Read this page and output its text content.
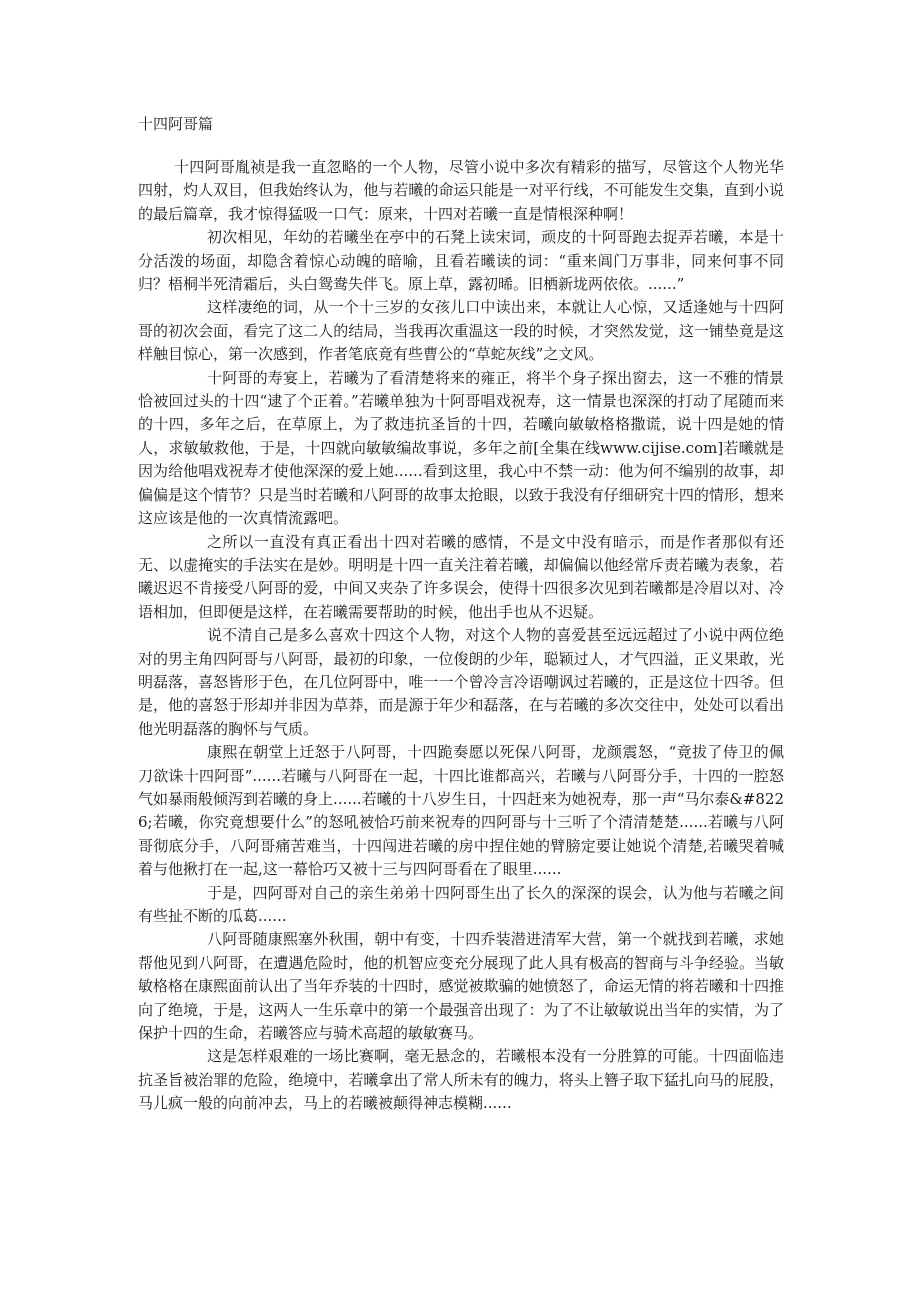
十四阿哥篇

十四阿哥胤祯是我一直忽略的一个人物，尽管小说中多次有精彩的描写，尽管这个人物光华四射，灼人双目，但我始终认为，他与若曦的命运只能是一对平行线，不可能发生交集，直到小说的最后篇章，我才惊得猛吸一口气：原来，十四对若曦一直是情根深种啊！

初次相见，年幼的若曦坐在亭中的石凳上读宋词，顽皮的十阿哥跑去捉弄若曦，本是十分活泼的场面，却隐含着惊心动魄的暗喻，且看若曦读的词：“重来阊门万事非，同来何事不同归？梧桐半死清霜后，头白鸳鸯失伴飞。原上草，露初晞。旧栖新垅两依依。......”

这样凄绝的词，从一个十三岁的女孩儿口中读出来，本就让人心惊，又适逢她与十四阿哥的初次会面，看完了这二人的结局，当我再次重温这一段的时候，才突然发觉，这一铺垫竟是这样触目惊心，第一次感到，作者笔底竟有些曹公的“草蛇灰线”之文风。

十阿哥的寿宴上，若曦为了看清楚将来的雍正，将半个身子探出窗去，这一不雅的情景恰被回过头的十四“逮了个正着。”若曦单独为十阿哥唱戏祝寿，这一情景也深深的打动了尾随而来的十四，多年之后，在草原上，为了救违抗圣旨的十四，若曦向敏敏格格撒谎，说十四是她的情人，求敏敏救他，于是，十四就向敏敏编故事说，多年之前[全集在线www.cijise.com]若曦就是因为给他唱戏祝寿才使他深深的爱上她......看到这里，我心中不禁一动：他为何不编别的故事，却偏偏是这个情节？只是当时若曦和八阿哥的故事太抢眼，以致于我没有仔细研究十四的情形，想来这应该是他的一次真情流露吧。

之所以一直没有真正看出十四对若曦的感情，不是文中没有暗示，而是作者那似有还无、以虚掩实的手法实在是妙。明明是十四一直关注着若曦，却偏偏以他经常斥责若曦为表象，若曦迟迟不肯接受八阿哥的爱，中间又夹杂了许多误会，使得十四很多次见到若曦都是冷眉以对、冷语相加，但即便是这样，在若曦需要帮助的时候，他出手也从不迟疑。

说不清自己是多么喜欢十四这个人物，对这个人物的喜爱甚至远远超过了小说中两位绝对的男主角四阿哥与八阿哥，最初的印象，一位俊朗的少年，聪颖过人，才气四溢，正义果敢，光明磊落，喜怒皆形于色，在几位阿哥中，唯一一个曾冷言冷语嘲讽过若曦的，正是这位十四爷。但是，他的喜怒于形却并非因为草莽，而是源于年少和磊落，在与若曦的多次交往中，处处可以看出他光明磊落的胸怀与气质。

康熙在朝堂上迁怒于八阿哥，十四跪奏愿以死保八阿哥，龙颜震怒，“竟拔了侍卫的佩刀欲诛十四阿哥”......若曦与八阿哥在一起，十四比谁都高兴，若曦与八阿哥分手，十四的一腔怒气如暴雨般倾泻到若曦的身上......若曦的十八岁生日，十四赶来为她祝寿，那一声“马尔泰&#8226;若曦，你究竟想要什么”的怒吼被恰巧前来祝寿的四阿哥与十三听了个清清楚楚......若曦与八阿哥彻底分手，八阿哥痛苦难当，十四闯进若曦的房中捏住她的臂膀定要让她说个清楚,若曦哭着喊着与他揪打在一起,这一幕恰巧又被十三与四阿哥看在了眼里......

于是，四阿哥对自己的亲生弟弟十四阿哥生出了长久的深深的误会，认为他与若曦之间有些扯不断的瓜葛......

八阿哥随康熙塞外秋围，朝中有变，十四乔装潜进清军大营，第一个就找到若曦，求她帮他见到八阿哥，在遭遇危险时，他的机智应变充分展现了此人具有极高的智商与斗争经验。当敏敏格格在康熙面前认出了当年乔装的十四时，感觉被欺骗的她愤怒了，命运无情的将若曦和十四推向了绝境，于是，这两人一生乐章中的第一个最强音出现了：为了不让敏敏说出当年的实情，为了保护十四的生命，若曦答应与骑术高超的敏敏赛马。

这是怎样艰难的一场比赛啊，毫无悬念的，若曦根本没有一分胜算的可能。十四面临违抗圣旨被治罪的危险，绝境中，若曦拿出了常人所未有的魄力，将头上簪子取下猛扎向马的屁股，马儿疯一般的向前冲去，马上的若曦被颠得神志模糊......
